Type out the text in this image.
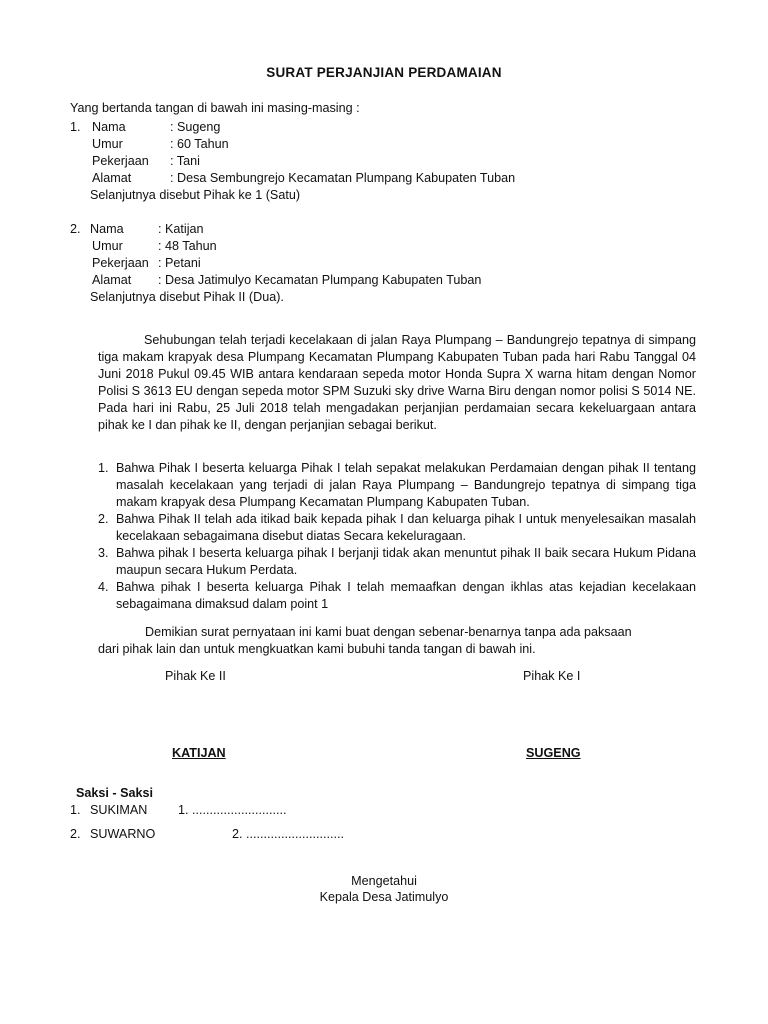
SURAT PERJANJIAN PERDAMAIAN
Yang bertanda tangan di bawah ini masing-masing :
1. Nama	: Sugeng
Umur	: 60 Tahun
Pekerjaan : Tani
Alamat	: Desa Sembungrejo Kecamatan Plumpang Kabupaten Tuban
Selanjutnya disebut Pihak ke 1 (Satu)
2. Nama	: Katijan
Umur	: 48 Tahun
Pekerjaan : Petani
Alamat : Desa Jatimulyo Kecamatan Plumpang Kabupaten Tuban
Selanjutnya disebut Pihak II (Dua).
Sehubungan telah terjadi kecelakaan di jalan Raya Plumpang – Bandungrejo tepatnya di simpang tiga makam krapyak desa Plumpang Kecamatan Plumpang Kabupaten Tuban pada hari Rabu Tanggal 04 Juni 2018 Pukul 09.45 WIB antara kendaraan sepeda motor Honda Supra X warna hitam dengan Nomor Polisi S 3613 EU dengan sepeda motor SPM Suzuki sky drive Warna Biru dengan nomor polisi S 5014 NE. Pada hari ini Rabu, 25 Juli 2018 telah mengadakan perjanjian perdamaian secara kekeluargaan antara pihak ke I dan pihak ke II, dengan perjanjian sebagai berikut.
1. Bahwa Pihak I beserta keluarga Pihak I telah sepakat melakukan Perdamaian dengan pihak II tentang masalah kecelakaan yang terjadi di jalan Raya Plumpang – Bandungrejo tepatnya di simpang tiga makam krapyak desa Plumpang Kecamatan Plumpang Kabupaten Tuban.
2. Bahwa Pihak II telah ada itikad baik kepada pihak I dan keluarga pihak I untuk menyelesaikan masalah kecelakaan sebagaimana disebut diatas Secara kekeluragaan.
3. Bahwa pihak I beserta keluarga pihak I berjanji tidak akan menuntut pihak II baik secara Hukum Pidana maupun secara Hukum Perdata.
4. Bahwa pihak I beserta keluarga Pihak I telah memaafkan dengan ikhlas atas kejadian kecelakaan sebagaimana dimaksud dalam point 1
Demikian surat pernyataan ini kami buat dengan sebenar-benarnya tanpa ada paksaan
dari pihak lain dan untuk mengkuatkan kami bubuhi tanda tangan di bawah ini.
Pihak Ke II	Pihak Ke I
KATIJAN	SUGENG
Saksi - Saksi
1. SUKIMAN 1. ...........................
2. SUWARNO	2. ............................
Mengetahui
Kepala Desa Jatimulyo
